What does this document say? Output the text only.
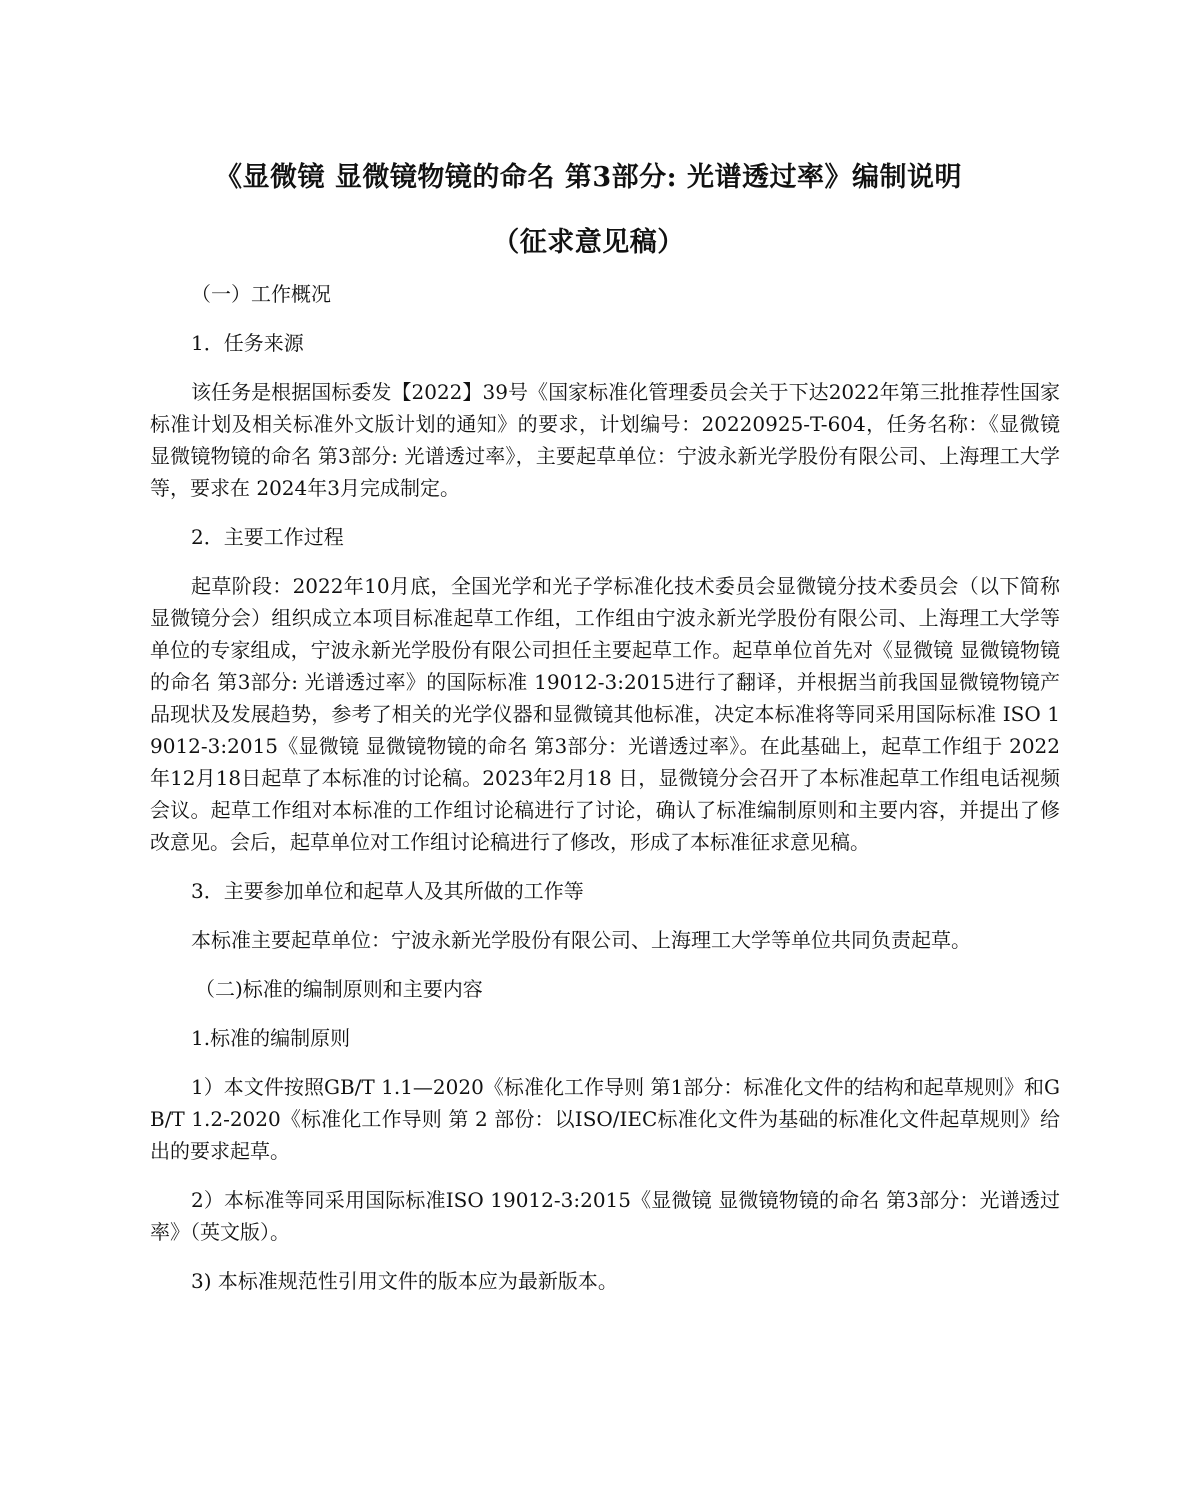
《显微镜 显微镜物镜的命名 第3部分: 光谱透过率》编制说明
（征求意见稿）

（一）工作概况

1．任务来源

该任务是根据国标委发【2022】39号《国家标准化管理委员会关于下达2022年第三批推荐性国家标准计划及相关标准外文版计划的通知》的要求，计划编号：20220925-T-604，任务名称：《显微镜 显微镜物镜的命名 第3部分: 光谱透过率》，主要起草单位：宁波永新光学股份有限公司、上海理工大学等，要求在 2024年3月完成制定。

2．主要工作过程

起草阶段：2022年10月底，全国光学和光子学标准化技术委员会显微镜分技术委员会（以下简称显微镜分会）组织成立本项目标准起草工作组，工作组由宁波永新光学股份有限公司、上海理工大学等单位的专家组成，宁波永新光学股份有限公司担任主要起草工作。起草单位首先对《显微镜 显微镜物镜的命名 第3部分: 光谱透过率》的国际标准 19012-3:2015进行了翻译，并根据当前我国显微镜物镜产品现状及发展趋势，参考了相关的光学仪器和显微镜其他标准，决定本标准将等同采用国际标准 ISO 19012-3:2015《显微镜 显微镜物镜的命名 第3部分：光谱透过率》。在此基础上，起草工作组于 2022年12月18日起草了本标准的讨论稿。2023年2月18 日，显微镜分会召开了本标准起草工作组电话视频会议。起草工作组对本标准的工作组讨论稿进行了讨论，确认了标准编制原则和主要内容，并提出了修改意见。会后，起草单位对工作组讨论稿进行了修改，形成了本标准征求意见稿。

3．主要参加单位和起草人及其所做的工作等

本标准主要起草单位：宁波永新光学股份有限公司、上海理工大学等单位共同负责起草。

（二)标准的编制原则和主要内容

1.标准的编制原则

1）本文件按照GB/T 1.1—2020《标准化工作导则 第1部分：标准化文件的结构和起草规则》和GB/T 1.2-2020《标准化工作导则 第 2 部份：以ISO/IEC标准化文件为基础的标准化文件起草规则》给出的要求起草。

2）本标准等同采用国际标准ISO 19012-3:2015《显微镜 显微镜物镜的命名 第3部分：光谱透过率》（英文版）。

3) 本标准规范性引用文件的版本应为最新版本。
